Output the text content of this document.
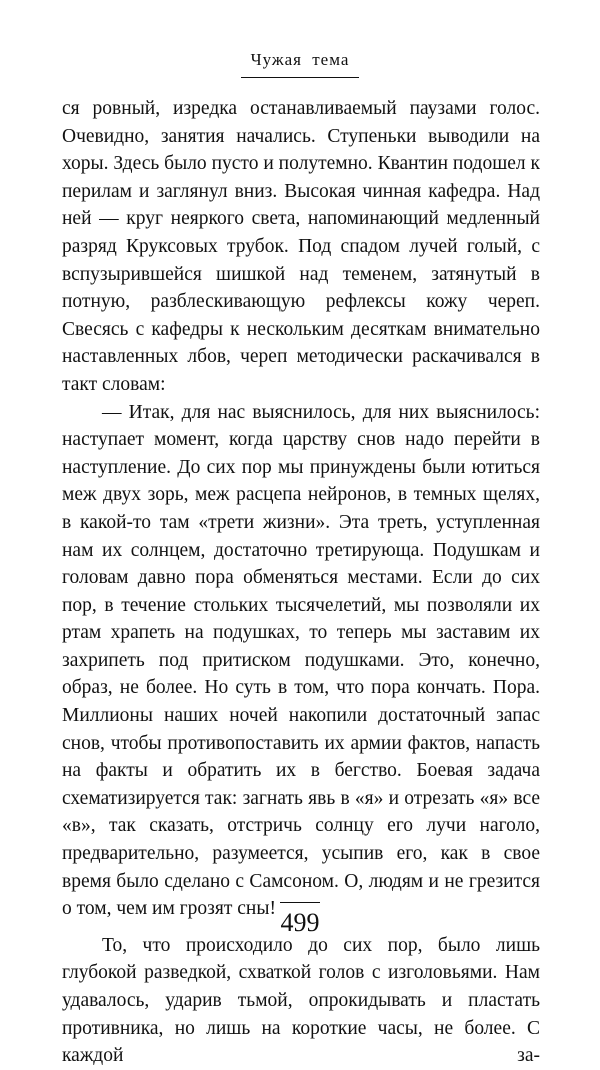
Чужая тема

ся ровный, изредка останавливаемый паузами голос. Очевидно, занятия начались. Ступеньки выводили на хоры. Здесь было пусто и полутемно. Квантин подошел к перилам и заглянул вниз. Высокая чинная кафедра. Над ней — круг неяркого света, напоминающий медленный разряд Круксовых трубок. Под спадом лучей голый, с вспузырившейся шишкой над теменем, затянутый в потную, разблескивающую рефлексы кожу череп. Свесясь с кафедры к нескольким десяткам внимательно наставленных лбов, череп методически раскачивался в такт словам:

— Итак, для нас выяснилось, для них выяснилось: наступает момент, когда царству снов надо перейти в наступление. До сих пор мы принуждены были ютиться меж двух зорь, меж расцепа нейронов, в темных щелях, в какой-то там «трети жизни». Эта треть, уступленная нам их солнцем, достаточно третирующа. Подушкам и головам давно пора обменяться местами. Если до сих пор, в течение стольких тысячелетий, мы позволяли их ртам храпеть на подушках, то теперь мы заставим их захрипеть под притиском подушками. Это, конечно, образ, не более. Но суть в том, что пора кончать. Пора. Миллионы наших ночей накопили достаточный запас снов, чтобы противопоставить их армии фактов, напасть на факты и обратить их в бегство. Боевая задача схематизируется так: загнать явь в «я» и отрезать «я» все «в», так сказать, отстричь солнцу его лучи наголо, предварительно, разумеется, усыпив его, как в свое время было сделано с Самсоном. О, людям и не грезится о том, чем им грозят сны!

То, что происходило до сих пор, было лишь глубокой разведкой, схваткой голов с изголовьями. Нам удавалось, ударив тьмой, опрокидывать и пластать противника, но лишь на короткие часы, не более. С каждой за-

499
